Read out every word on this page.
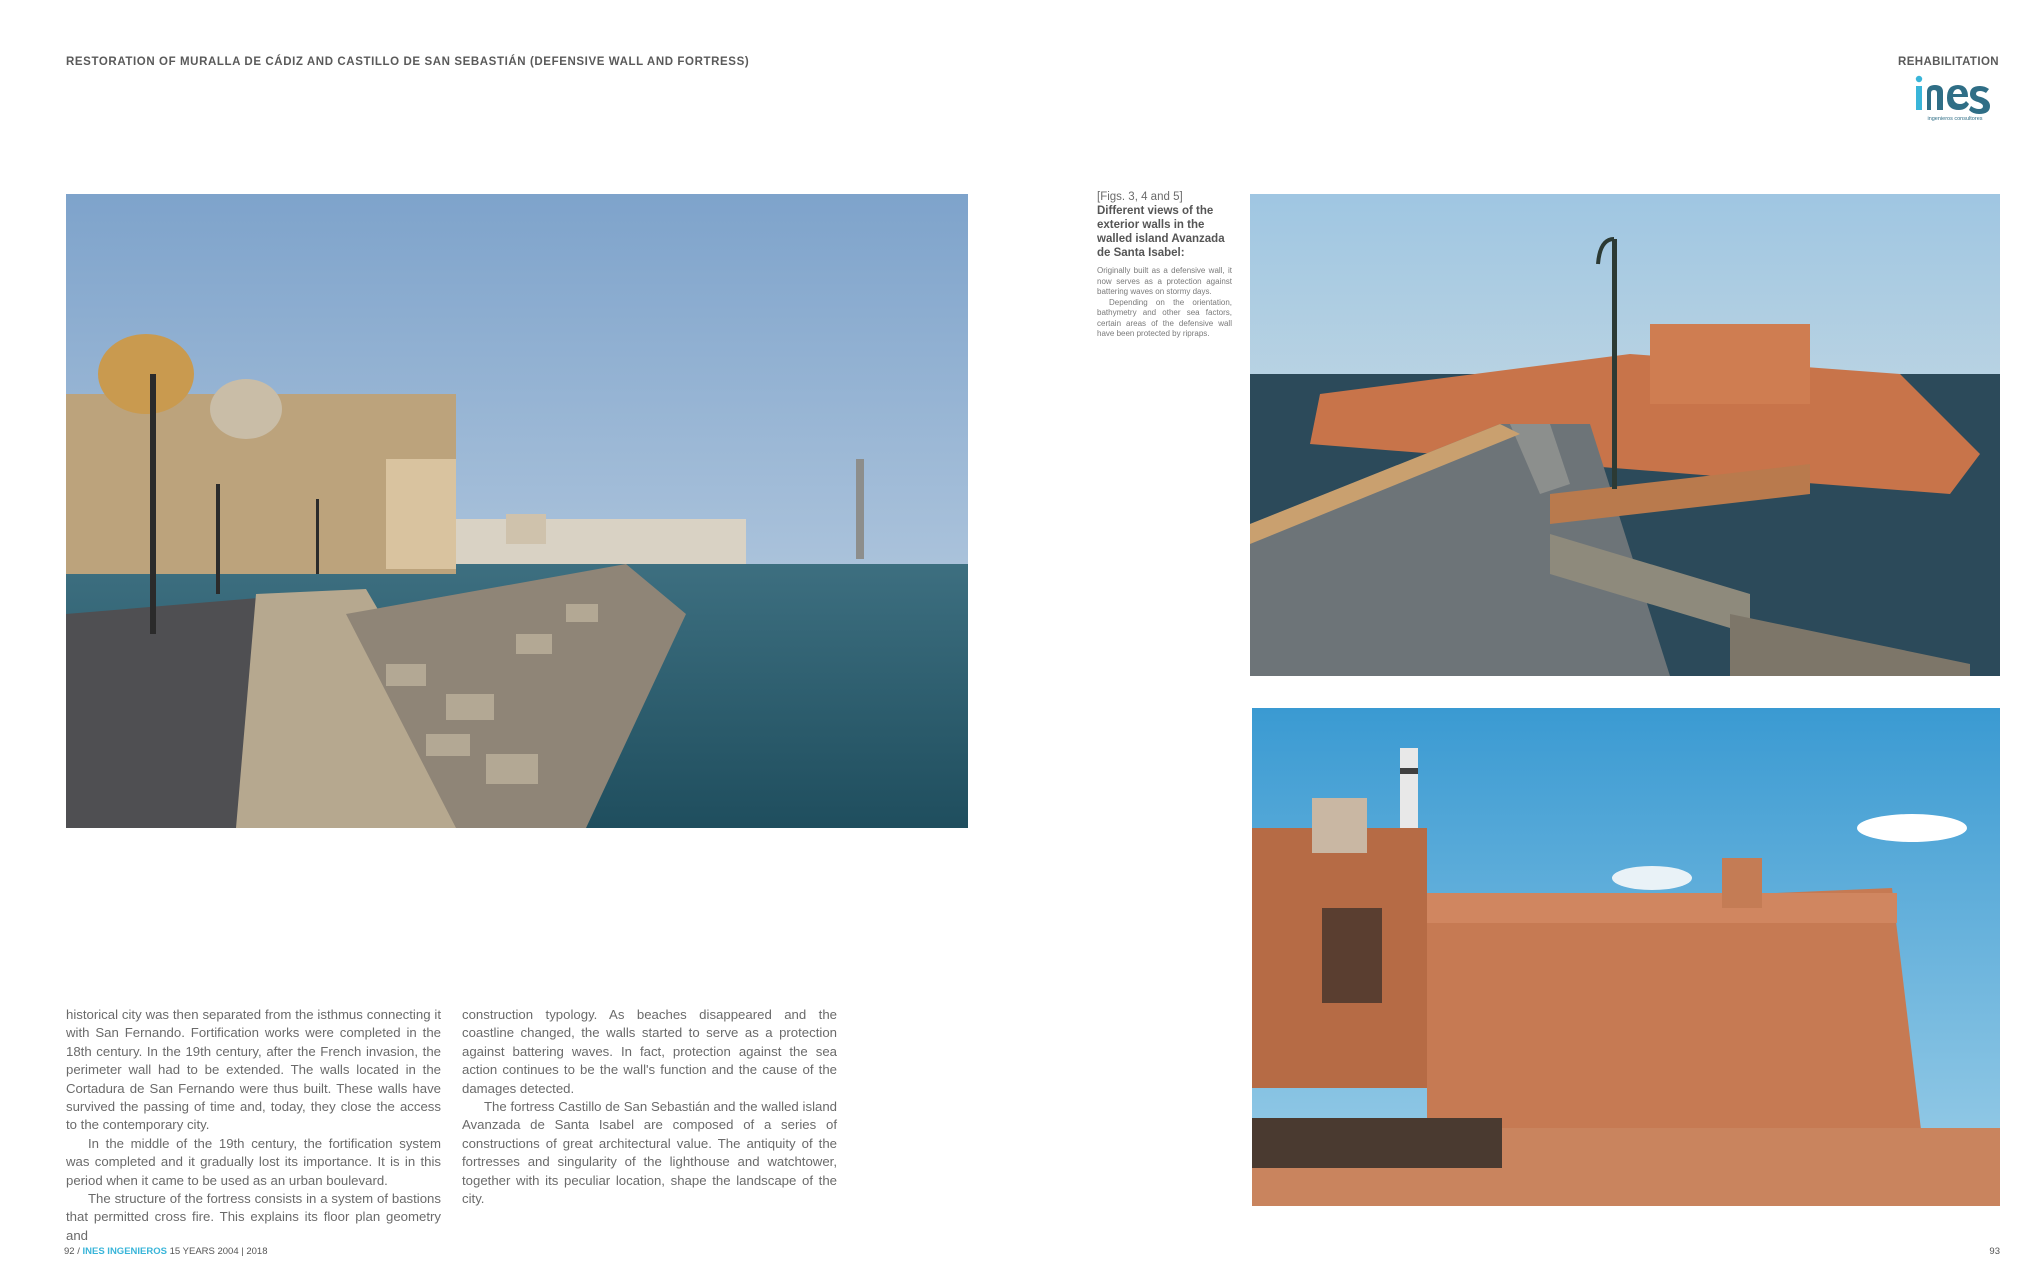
RESTORATION OF MURALLA DE CÁDIZ AND CASTILLO DE SAN SEBASTIÁN (DEFENSIVE WALL AND FORTRESS)	REHABILITATION
ingenieros consultores
[Figs. 3, 4 and 5]
Different views of the exterior walls in the walled island Avanzada de Santa Isabel:

Originally built as a defensive wall, it now serves as a protection against battering waves on stormy days.

Depending on the orientation, bathymetry and other sea factors, certain areas of the defensive wall have been protected by ripraps.

historical city was then separated from the isthmus connecting it with San Fernando. Fortification works were completed in the 18th century. In the 19th century, after the French invasion, the perimeter wall had to be extended. The walls located in the Cortadura de San Fernando were thus built. These walls have survived the passing of time and, today, they close the access to the contemporary city.

In the middle of the 19th century, the fortification system was completed and it gradually lost its importance. It is in this period when it came to be used as an urban boulevard.

The structure of the fortress consists in a system of bastions that permitted cross fire. This explains its floor plan geometry and

construction typology. As beaches disappeared and the coastline changed, the walls started to serve as a protection against battering waves. In fact, protection against the sea action continues to be the wall's function and the cause of the damages detected.

The fortress Castillo de San Sebastián and the walled island Avanzada de Santa Isabel are composed of a series of constructions of great architectural value. The antiquity of the fortresses and singularity of the lighthouse and watchtower, together with its peculiar location, shape the landscape of the city.

92 / INES INGENIEROS 15 YEARS 2004 | 2018	93
